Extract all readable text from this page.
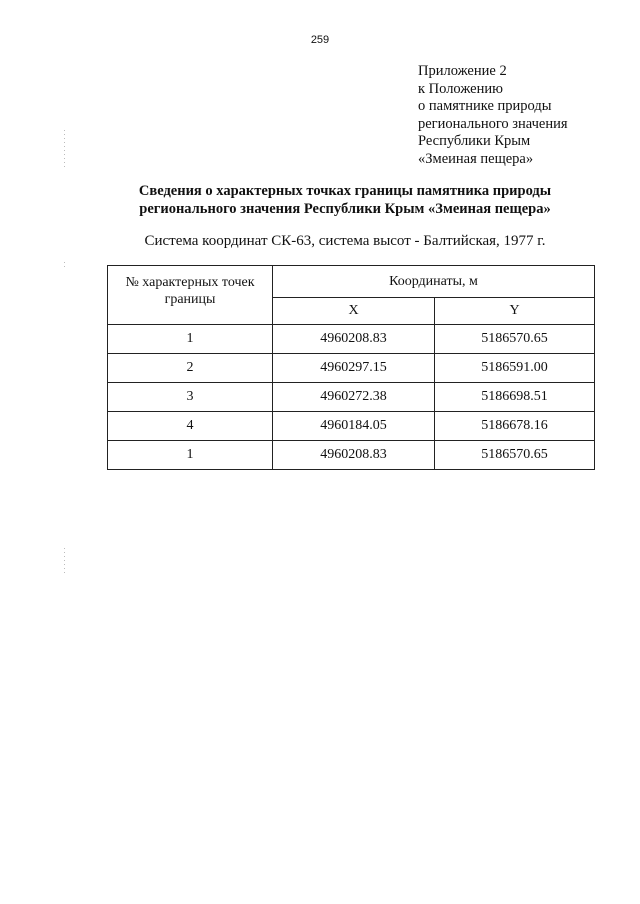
259
Приложение 2
к Положению
о памятнике природы
регионального значения
Республики Крым
«Змеиная пещера»
Сведения о характерных точках границы памятника природы
регионального значения Республики Крым «Змеиная пещера»
Система координат СК-63, система высот - Балтийская, 1977 г.
№ характерных точек границы	Координаты, м	
	X	Y
1	4960208.83	5186570.65
2	4960297.15	5186591.00
3	4960272.38	5186698.51
4	4960184.05	5186678.16
1	4960208.83	5186570.65
